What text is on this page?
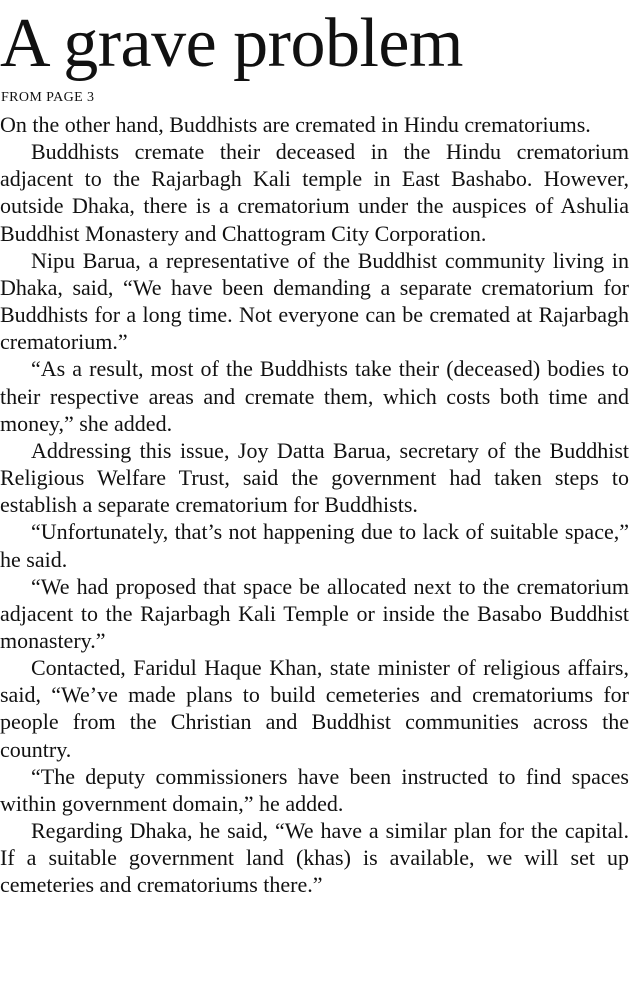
A grave problem
FROM PAGE 3

On the other hand, Buddhists are cremated in Hindu crematoriums.

Buddhists cremate their deceased in the Hindu crematorium adjacent to the Rajarbagh Kali temple in East Bashabo. However, outside Dhaka, there is a crematorium under the auspices of Ashulia Buddhist Monastery and Chattogram City Corporation.

Nipu Barua, a representative of the Buddhist community living in Dhaka, said, “We have been demanding a separate crematorium for Buddhists for a long time. Not everyone can be cremated at Rajarbagh crematorium.”

“As a result, most of the Buddhists take their (deceased) bodies to their respective areas and cremate them, which costs both time and money,” she added.

Addressing this issue, Joy Datta Barua, secretary of the Buddhist Religious Welfare Trust, said the government had taken steps to establish a separate crematorium for Buddhists.

“Unfortunately, that’s not happening due to lack of suitable space,” he said.

“We had proposed that space be allocated next to the crematorium adjacent to the Rajarbagh Kali Temple or inside the Basabo Buddhist monastery.”

Contacted, Faridul Haque Khan, state minister of religious affairs, said, “We’ve made plans to build cemeteries and crematoriums for people from the Christian and Buddhist communities across the country.

“The deputy commissioners have been instructed to find spaces within government domain,” he added.

Regarding Dhaka, he said, “We have a similar plan for the capital. If a suitable government land (khas) is available, we will set up cemeteries and crematoriums there.”
